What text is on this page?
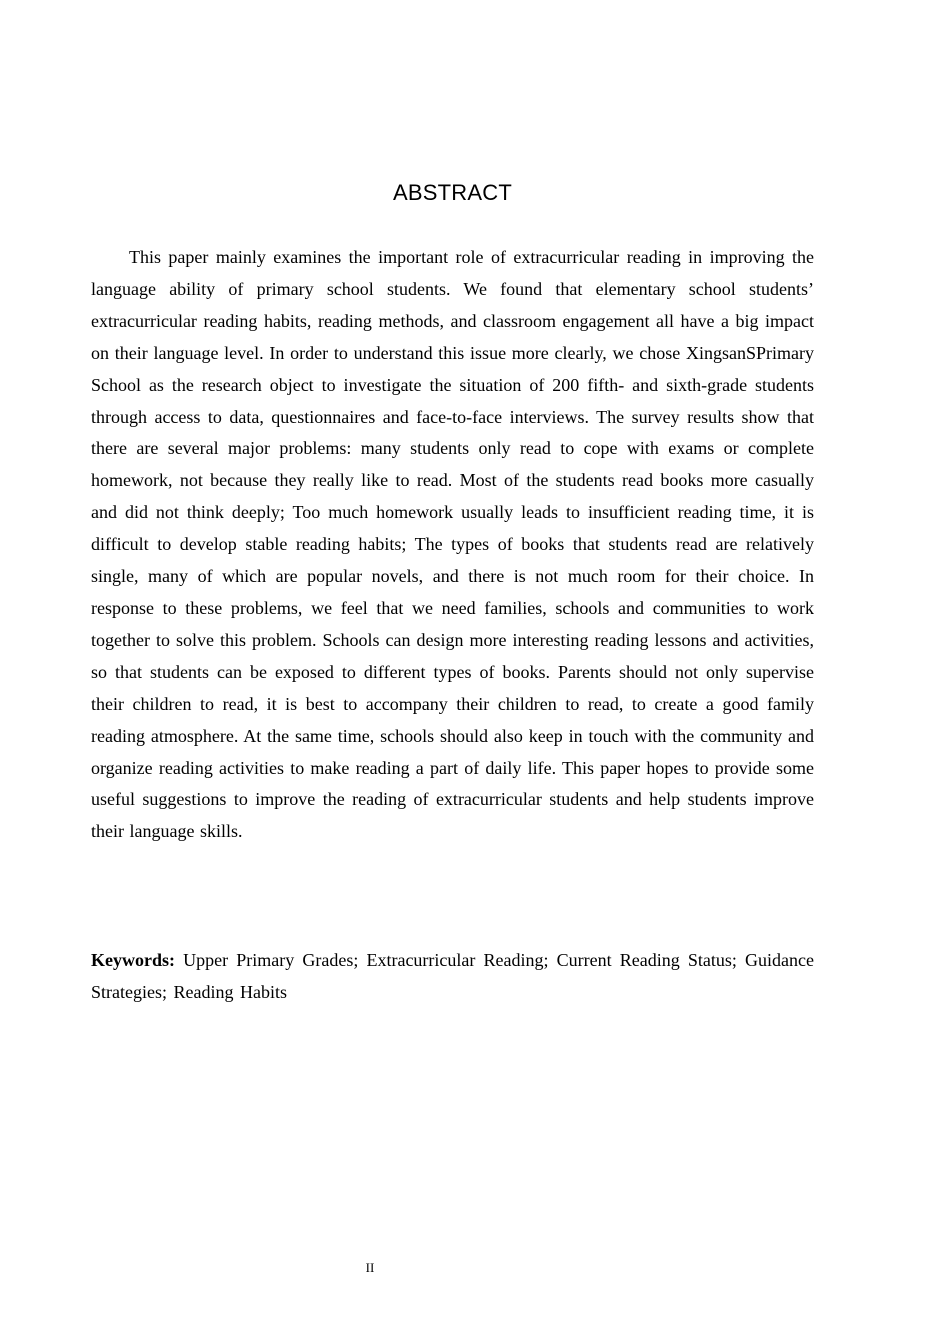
ABSTRACT

This paper mainly examines the important role of extracurricular reading in improving the language ability of primary school students. We found that elementary school students’ extracurricular reading habits, reading methods, and classroom engagement all have a big impact on their language level. In order to understand this issue more clearly, we chose XingsanSPrimary School as the research object to investigate the situation of 200 fifth- and sixth-grade students through access to data, questionnaires and face-to-face interviews. The survey results show that there are several major problems: many students only read to cope with exams or complete homework, not because they really like to read. Most of the students read books more casually and did not think deeply; Too much homework usually leads to insufficient reading time, it is difficult to develop stable reading habits; The types of books that students read are relatively single, many of which are popular novels, and there is not much room for their choice. In response to these problems, we feel that we need families, schools and communities to work together to solve this problem. Schools can design more interesting reading lessons and activities, so that students can be exposed to different types of books. Parents should not only supervise their children to read, it is best to accompany their children to read, to create a good family reading atmosphere. At the same time, schools should also keep in touch with the community and organize reading activities to make reading a part of daily life. This paper hopes to provide some useful suggestions to improve the reading of extracurricular students and help students improve their language skills.

Keywords: Upper Primary Grades; Extracurricular Reading; Current Reading Status; Guidance Strategies; Reading Habits

II
